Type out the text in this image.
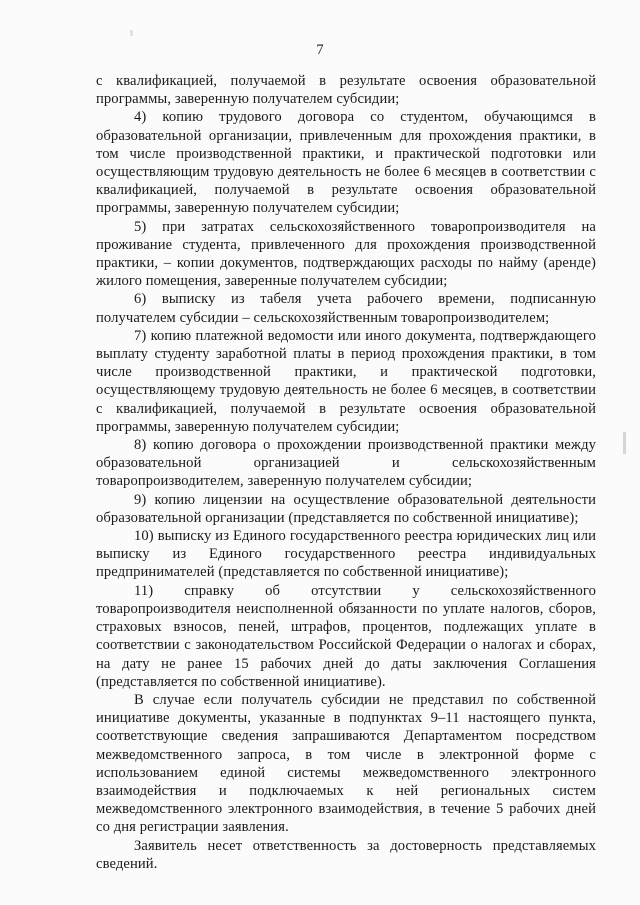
7

с квалификацией, получаемой в результате освоения образовательной программы, заверенную получателем субсидии;

4) копию трудового договора со студентом, обучающимся в образовательной организации, привлеченным для прохождения практики, в том числе производственной практики, и практической подготовки или осуществляющим трудовую деятельность не более 6 месяцев в соответствии с квалификацией, получаемой в результате освоения образовательной программы, заверенную получателем субсидии;

5) при затратах сельскохозяйственного товаропроизводителя на проживание студента, привлеченного для прохождения производственной практики, – копии документов, подтверждающих расходы по найму (аренде) жилого помещения, заверенные получателем субсидии;

6) выписку из табеля учета рабочего времени, подписанную получателем субсидии – сельскохозяйственным товаропроизводителем;

7) копию платежной ведомости или иного документа, подтверждающего выплату студенту заработной платы в период прохождения практики, в том числе производственной практики, и практической подготовки, осуществляющему трудовую деятельность не более 6 месяцев, в соответствии с квалификацией, получаемой в результате освоения образовательной программы, заверенную получателем субсидии;

8) копию договора о прохождении производственной практики между образовательной организацией и сельскохозяйственным товаропроизводителем, заверенную получателем субсидии;

9) копию лицензии на осуществление образовательной деятельности образовательной организации (представляется по собственной инициативе);

10) выписку из Единого государственного реестра юридических лиц или выписку из Единого государственного реестра индивидуальных предпринимателей (представляется по собственной инициативе);

11) справку об отсутствии у сельскохозяйственного товаропроизводителя неисполненной обязанности по уплате налогов, сборов, страховых взносов, пеней, штрафов, процентов, подлежащих уплате в соответствии с законодательством Российской Федерации о налогах и сборах, на дату не ранее 15 рабочих дней до даты заключения Соглашения (представляется по собственной инициативе).

В случае если получатель субсидии не представил по собственной инициативе документы, указанные в подпунктах 9–11 настоящего пункта, соответствующие сведения запрашиваются Департаментом посредством межведомственного запроса, в том числе в электронной форме с использованием единой системы межведомственного электронного взаимодействия и подключаемых к ней региональных систем межведомственного электронного взаимодействия, в течение 5 рабочих дней со дня регистрации заявления.

Заявитель несет ответственность за достоверность представляемых сведений.
